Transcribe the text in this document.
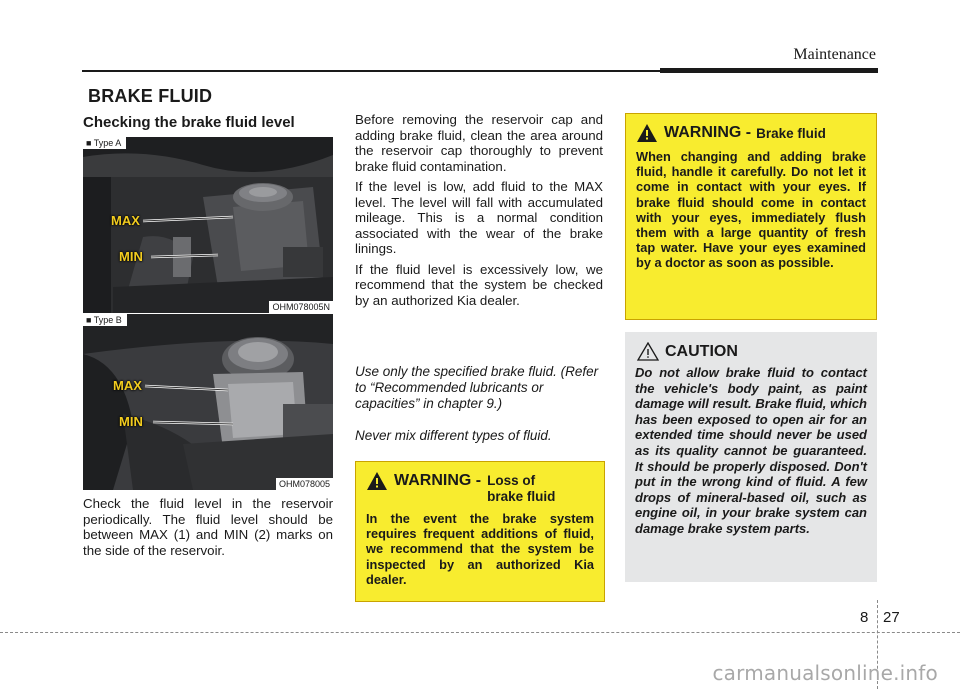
Maintenance
BRAKE FLUID
Checking the brake fluid level
■ Type A
MAX
MIN
OHM078005N
■ Type B
MAX
MIN
OHM078005
Check the fluid level in the reservoir periodically. The fluid level should be between MAX (1) and MIN (2) marks on the side of the reservoir.

Before removing the reservoir cap and adding brake fluid, clean the area around the reservoir cap thoroughly to prevent brake fluid contamination.

If the level is low, add fluid to the MAX level. The level will fall with accumulated mileage. This is a normal condition associated with the wear of the brake linings.

If the fluid level is excessively low, we recommend that the system be checked by an authorized Kia dealer.

Use only the specified brake fluid. (Refer to “Recommended lubricants or capacities” in chapter 9.)
Never mix different types of fluid.
WARNING - Loss of
brake fluid
In the event the brake system requires frequent additions of fluid, we recommend that the system be inspected by an authorized Kia dealer.
WARNING - Brake fluid
When changing and adding brake fluid, handle it carefully. Do not let it come in contact with your eyes. If brake fluid should come in contact with your eyes, immediately flush them with a large quantity of fresh tap water. Have your eyes examined by a doctor as soon as possible.
CAUTION
Do not allow brake fluid to contact the vehicle's body paint, as paint damage will result. Brake fluid, which has been exposed to open air for an extended time should never be used as its quality cannot be guaranteed. It should be properly disposed. Don't put in the wrong kind of fluid. A few drops of mineral-based oil, such as engine oil, in your brake system can damage brake system parts.
8 27
carmanualsonline.info
